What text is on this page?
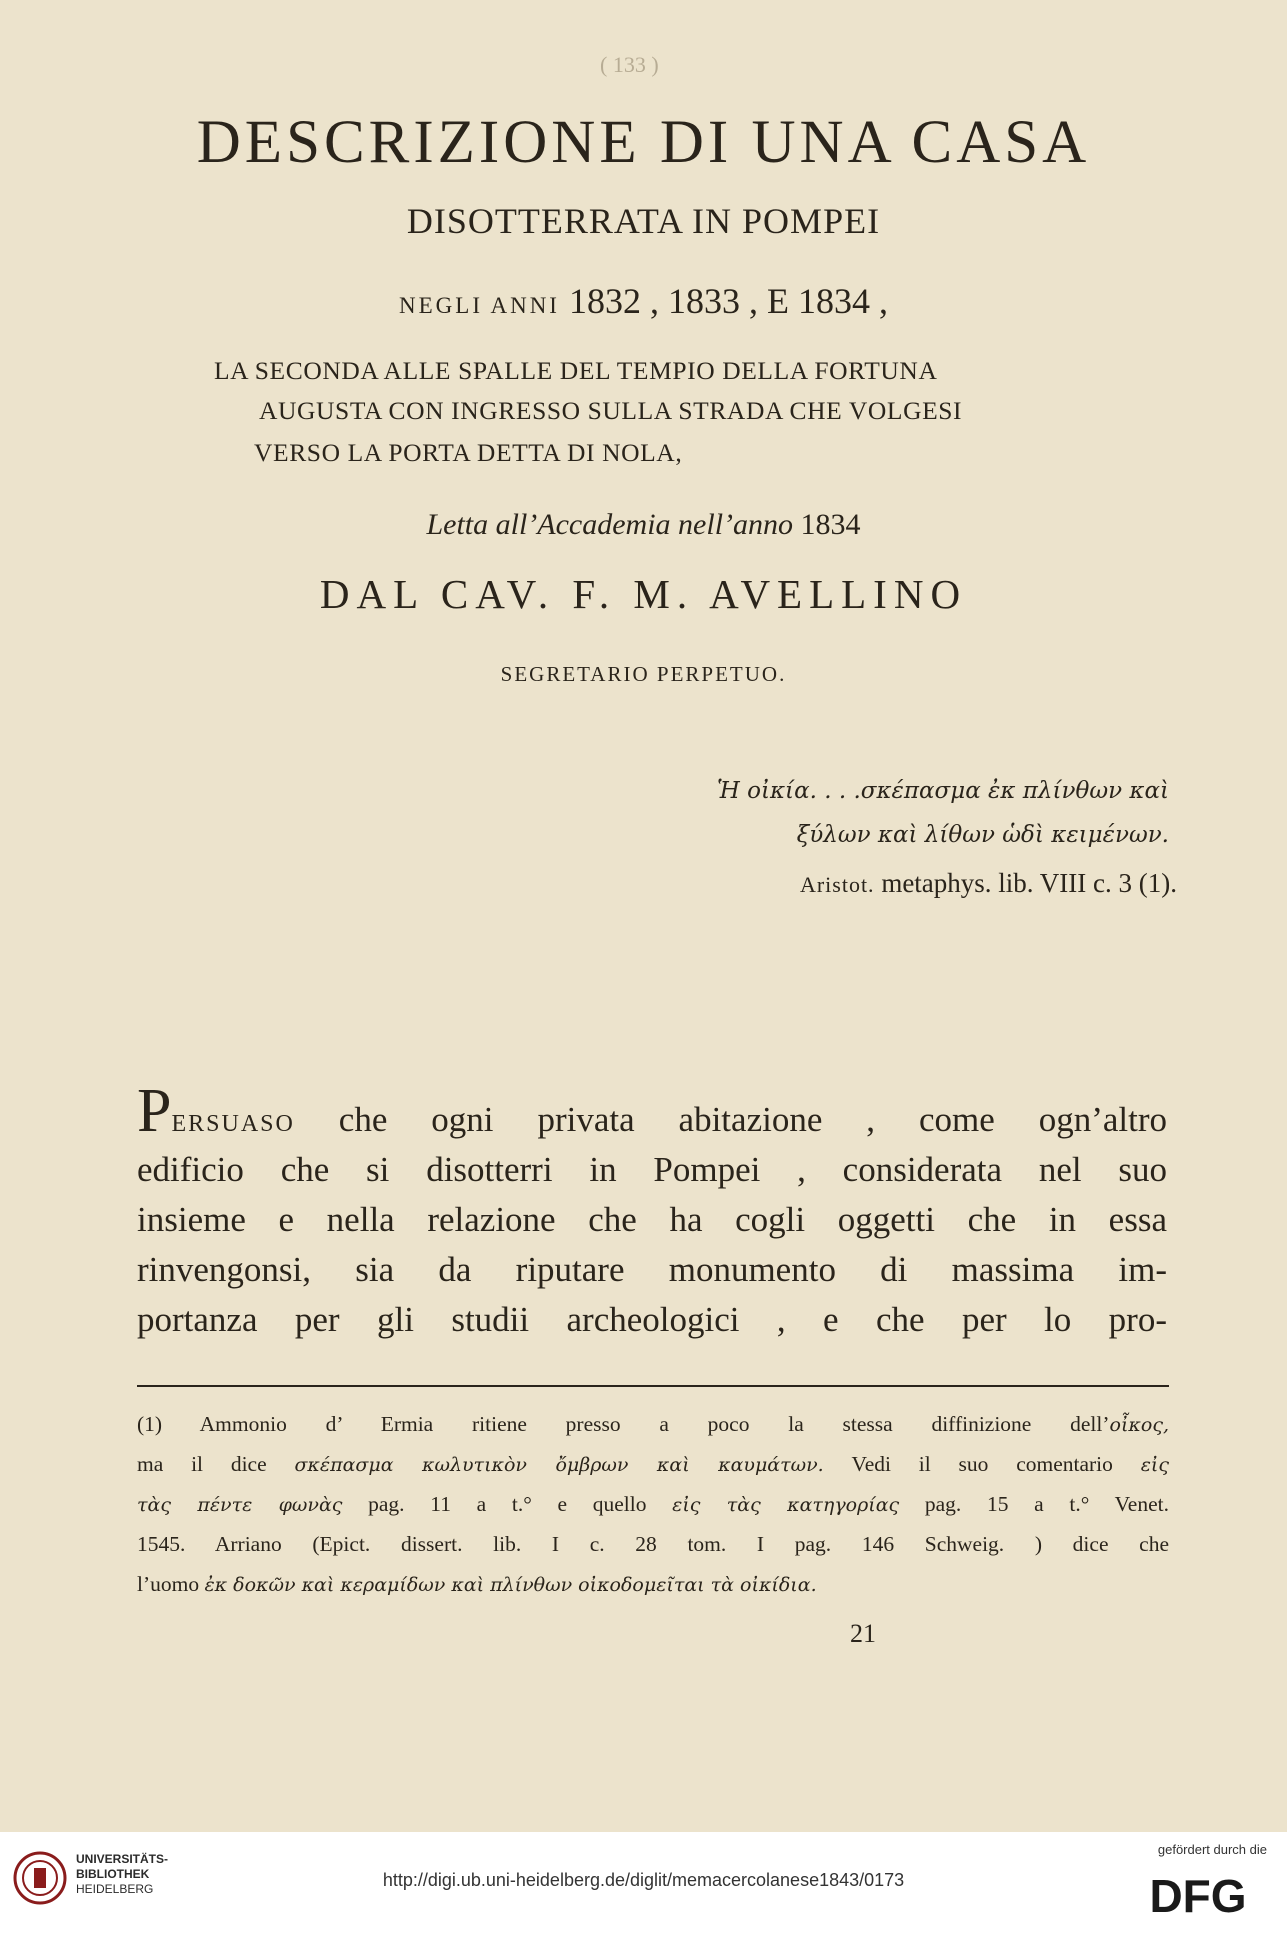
( 133 )
DESCRIZIONE DI UNA CASA
DISOTTERRATA IN POMPEI
NEGLI ANNI 1832 , 1833 , E 1834 ,
LA SECONDA ALLE SPALLE DEL TEMPIO DELLA FORTUNA
AUGUSTA CON INGRESSO SULLA STRADA CHE VOLGESI
VERSO LA PORTA DETTA DI NOLA,
Letta all’Accademia nell’anno 1834
DAL CAV. F. M. AVELLINO
SEGRETARIO PERPETUO.
Ἡ οἰκία. . . .σκέπασμα ἐκ πλίνθων καὶ
ξύλων καὶ λίθων ὡδὶ κειμένων.
Aristot. metaphys. lib. VIII c. 3 (1).
PERSUASO che ogni privata abitazione , come ogn’altro
edificio che si disotterri in Pompei , considerata nel suo
insieme e nella relazione che ha cogli oggetti che in essa
rinvengonsi, sia da riputare monumento di massima im-
portanza per gli studii archeologici , e che per lo pro-
(1) Ammonio d’ Ermia ritiene presso a poco la stessa diffinizione dell’οἶκος,
ma il dice σκέπασμα κωλυτικὸν ὄμβρων καὶ καυμάτων. Vedi il suo comentario εἰς
τὰς πέντε φωνὰς pag. 11 a t.° e quello εἰς τὰς κατηγορίας pag. 15 a t.° Venet.
1545. Arriano (Epict. dissert. lib. I c. 28 tom. I pag. 146 Schweig. ) dice che
l’uomo ἐκ δοκῶν καὶ κεραμίδων καὶ πλίνθων οἰκοδομεῖται τὰ οἰκίδια.
21
UNIVERSITÄTS-
BIBLIOTHEK
HEIDELBERG	http://digi.ub.uni-heidelberg.de/diglit/memacercolanese1843/0173
gefördert durch die
DFG
